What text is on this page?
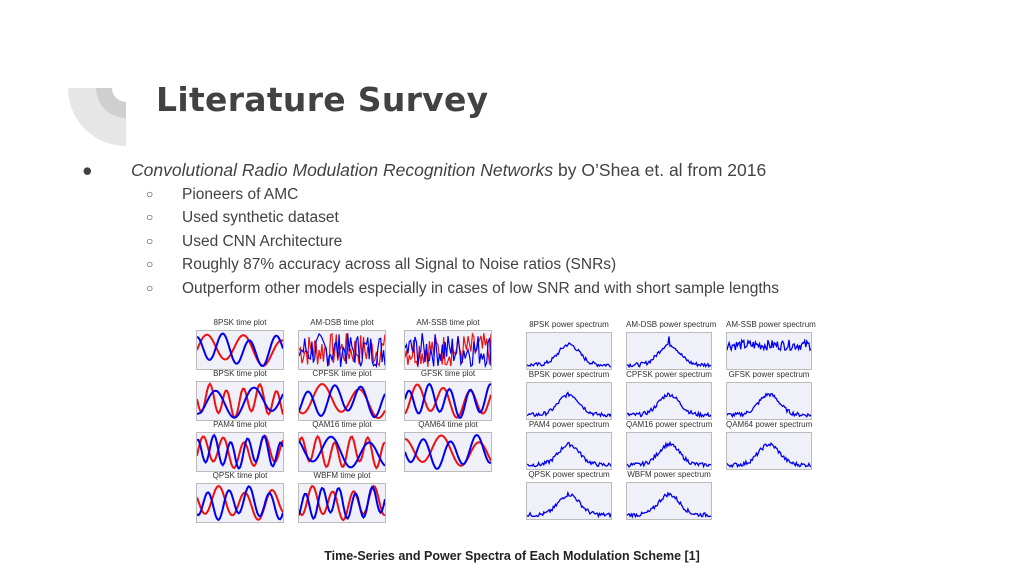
Literature Survey
● Convolutional Radio Modulation Recognition Networks by O’Shea et. al from 2016
○ Pioneers of AMC
○ Used synthetic dataset
○ Used CNN Architecture
○ Roughly 87% accuracy across all Signal to Noise ratios (SNRs)
○ Outperform other models especially in cases of low SNR and with short sample lengths
8PSK time plot	AM-DSB time plot	AM-SSB time plot
BPSK time plot	CPFSK time plot	GFSK time plot
PAM4 time plot	QAM16 time plot	QAM64 time plot
QPSK time plot	WBFM time plot
8PSK power spectrum	AM-DSB power spectrum AM-SSB power spectrum
BPSK power spectrum	CPFSK power spectrum	GFSK power spectrum
PAM4 power spectrum	QAM16 power spectrum QAM64 power spectrum
QPSK power spectrum WBFM power spectrum
Time-Series and Power Spectra of Each Modulation Scheme [1]
